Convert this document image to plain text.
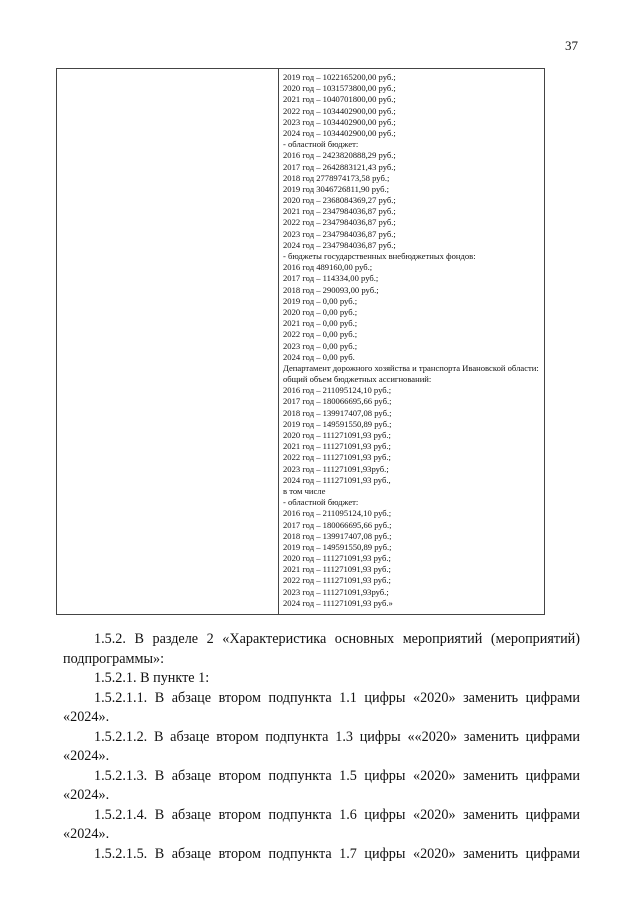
37
2019 год – 1022165200,00 руб.;
2020 год – 1031573800,00 руб.;
2021 год – 1040701800,00 руб.;
2022 год – 1034402900,00 руб.;
2023 год – 1034402900,00 руб.;
2024 год – 1034402900,00 руб.;
- областной бюджет:
2016 год – 2423820888,29 руб.;
2017 год – 2642883121,43 руб.;
2018 год 2778974173,58 руб.;
2019 год 3046726811,90 руб.;
2020 год – 2368084369,27 руб.;
2021 год – 2347984036,87 руб.;
2022 год – 2347984036,87 руб.;
2023 год – 2347984036,87 руб.;
2024 год – 2347984036,87 руб.;
- бюджеты государственных внебюджетных фондов:
2016 год 489160,00 руб.;
2017 год – 114334,00 руб.;
2018 год – 290093,00 руб.;
2019 год – 0,00 руб.;
2020 год – 0,00 руб.;
2021 год – 0,00 руб.;
2022 год – 0,00 руб.;
2023 год – 0,00 руб.;
2024 год – 0,00 руб.
Департамент дорожного хозяйства и транспорта Ивановской области:
общий объем бюджетных ассигнований:
2016 год – 211095124,10 руб.;
2017 год – 180066695,66 руб.;
2018 год – 139917407,08 руб.;
2019 год – 149591550,89 руб.;
2020 год – 111271091,93 руб.;
2021 год – 111271091,93 руб.;
2022 год – 111271091,93 руб.;
2023 год – 111271091,93руб.;
2024 год – 111271091,93 руб.,
в том числе
- областной бюджет:
2016 год – 211095124,10 руб.;
2017 год – 180066695,66 руб.;
2018 год – 139917407,08 руб.;
2019 год – 149591550,89 руб.;
2020 год – 111271091,93 руб.;
2021 год – 111271091,93 руб.;
2022 год – 111271091,93 руб.;
2023 год – 111271091,93руб.;
2024 год – 111271091,93 руб.»

1.5.2. В разделе 2 «Характеристика основных мероприятий (мероприятий) подпрограммы»:

1.5.2.1. В пункте 1:

1.5.2.1.1. В абзаце втором подпункта 1.1 цифры «2020» заменить цифрами «2024».

1.5.2.1.2. В абзаце втором подпункта 1.3 цифры ««2020» заменить цифрами «2024».

1.5.2.1.3. В абзаце втором подпункта 1.5 цифры «2020» заменить цифрами «2024».

1.5.2.1.4. В абзаце втором подпункта 1.6 цифры «2020» заменить цифрами «2024».

1.5.2.1.5. В абзаце втором подпункта 1.7 цифры «2020» заменить цифрами
